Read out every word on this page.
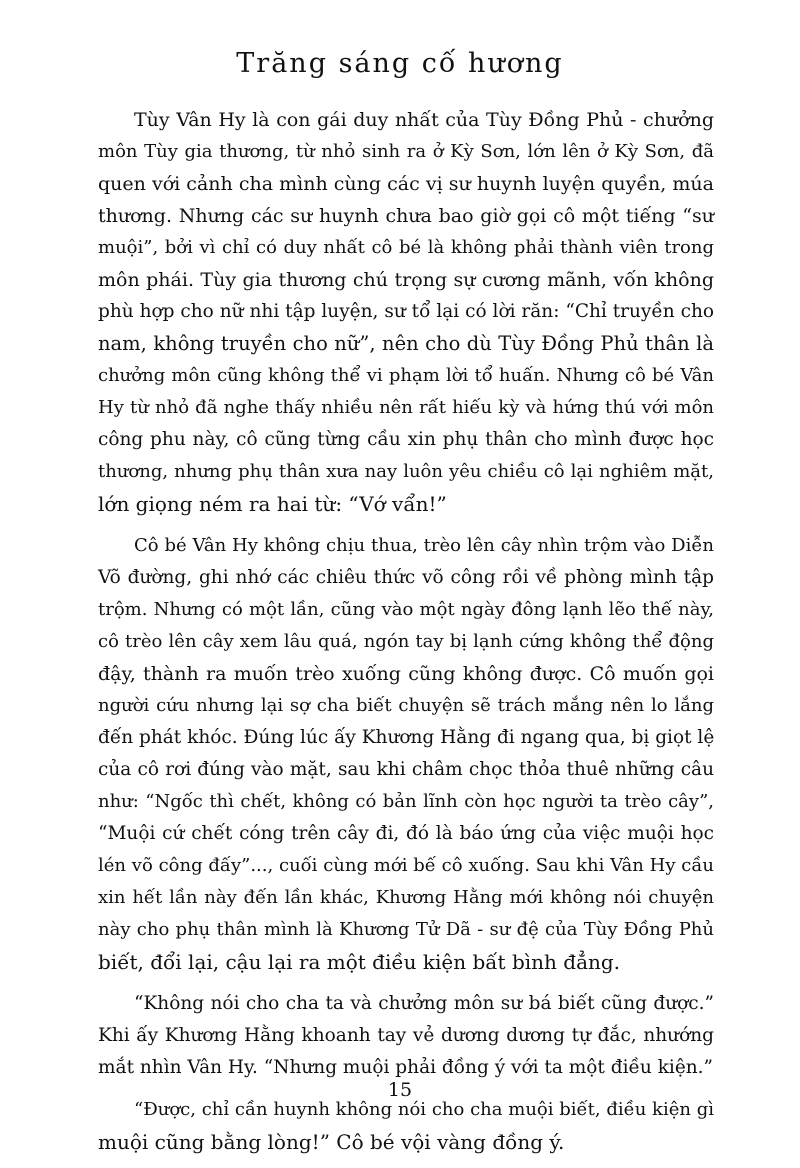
Trăng sáng cố hương
Tùy Vân Hy là con gái duy nhất của Tùy Đồng Phủ - chưởng
môn Tùy gia thương, từ nhỏ sinh ra ở Kỳ Sơn, lớn lên ở Kỳ Sơn, đã
quen với cảnh cha mình cùng các vị sư huynh luyện quyền, múa
thương. Nhưng các sư huynh chưa bao giờ gọi cô một tiếng “sư
muội”, bởi vì chỉ có duy nhất cô bé là không phải thành viên trong
môn phái. Tùy gia thương chú trọng sự cương mãnh, vốn không
phù hợp cho nữ nhi tập luyện, sư tổ lại có lời răn: “Chỉ truyền cho
nam, không truyền cho nữ”, nên cho dù Tùy Đồng Phủ thân là
chưởng môn cũng không thể vi phạm lời tổ huấn. Nhưng cô bé Vân
Hy từ nhỏ đã nghe thấy nhiều nên rất hiếu kỳ và hứng thú với môn
công phu này, cô cũng từng cầu xin phụ thân cho mình được học
thương, nhưng phụ thân xưa nay luôn yêu chiều cô lại nghiêm mặt,
lớn giọng ném ra hai từ: “Vớ vẩn!”
Cô bé Vân Hy không chịu thua, trèo lên cây nhìn trộm vào Diễn
Võ đường, ghi nhớ các chiêu thức võ công rồi về phòng mình tập
trộm. Nhưng có một lần, cũng vào một ngày đông lạnh lẽo thế này,
cô trèo lên cây xem lâu quá, ngón tay bị lạnh cứng không thể động
đậy, thành ra muốn trèo xuống cũng không được. Cô muốn gọi
người cứu nhưng lại sợ cha biết chuyện sẽ trách mắng nên lo lắng
đến phát khóc. Đúng lúc ấy Khương Hằng đi ngang qua, bị giọt lệ
của cô rơi đúng vào mặt, sau khi châm chọc thỏa thuê những câu
như: “Ngốc thì chết, không có bản lĩnh còn học người ta trèo cây”,
“Muội cứ chết cóng trên cây đi, đó là báo ứng của việc muội học
lén võ công đấy”..., cuối cùng mới bế cô xuống. Sau khi Vân Hy cầu
xin hết lần này đến lần khác, Khương Hằng mới không nói chuyện
này cho phụ thân mình là Khương Tử Dã - sư đệ của Tùy Đồng Phủ
biết, đổi lại, cậu lại ra một điều kiện bất bình đẳng.
“Không nói cho cha ta và chưởng môn sư bá biết cũng được.”
Khi ấy Khương Hằng khoanh tay vẻ dương dương tự đắc, nhướng
mắt nhìn Vân Hy. “Nhưng muội phải đồng ý với ta một điều kiện.”
“Được, chỉ cần huynh không nói cho cha muội biết, điều kiện gì
muội cũng bằng lòng!” Cô bé vội vàng đồng ý.
15
